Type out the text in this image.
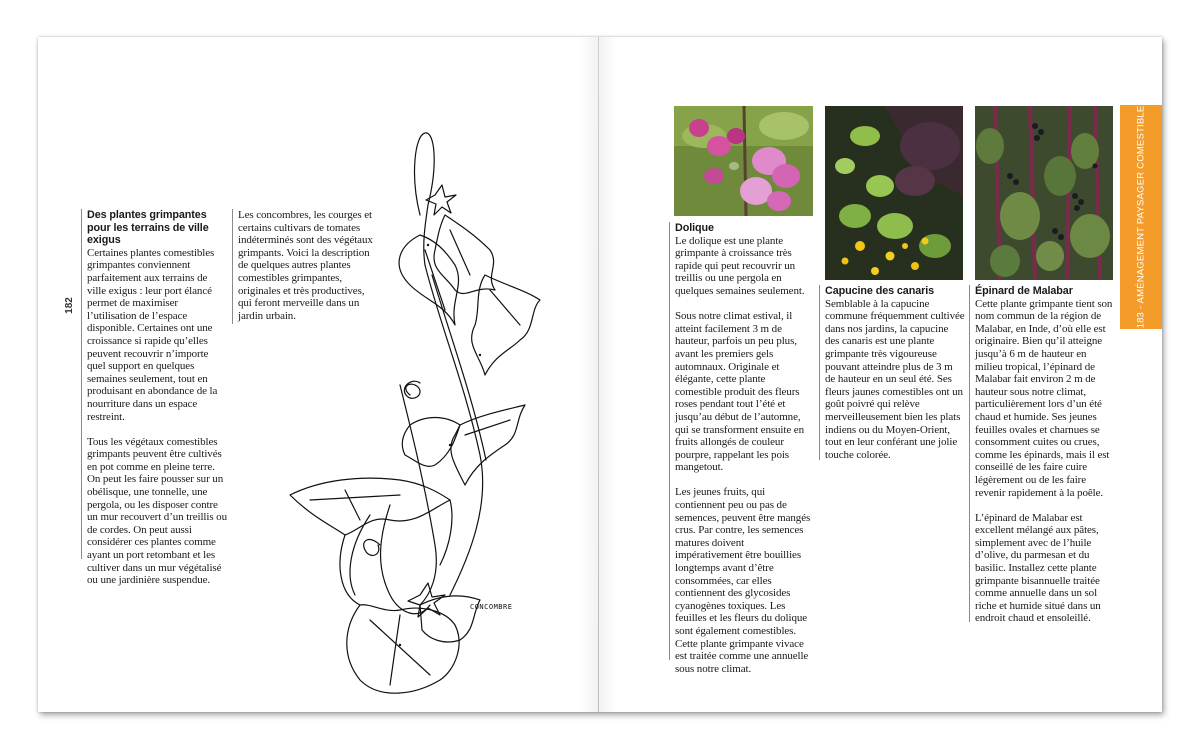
182
Des plantes grimpantes pour les terrains de ville exigus

Certaines plantes comestibles grimpantes conviennent parfaitement aux terrains de ville exigus : leur port élancé permet de maximiser l’utilisation de l’espace disponible. Certaines ont une croissance si rapide qu’elles peuvent recouvrir n’importe quel support en quelques semaines seulement, tout en produisant en abondance de la nourriture dans un espace restreint.

Tous les végétaux comestibles grimpants peuvent être cultivés en pot comme en pleine terre. On peut les faire pousser sur un obélisque, une tonnelle, une pergola, ou les disposer contre un mur recouvert d’un treillis ou de cordes. On peut aussi considérer ces plantes comme ayant un port retombant et les cultiver dans un mur végétalisé ou une jardinière suspendue.

Les concombres, les courges et certains cultivars de tomates indéterminés sont des végétaux grimpants. Voici la description de quelques autres plantes comestibles grimpantes, originales et très productives, qui feront merveille dans un jardin urbain.

CONCOMBRE
Dolique

Le dolique est une plante grimpante à croissance très rapide qui peut recouvrir un treillis ou une pergola en quelques semaines seulement.

Sous notre climat estival, il atteint facilement 3 m de hauteur, parfois un peu plus, avant les premiers gels automnaux. Originale et élégante, cette plante comestible produit des fleurs roses pendant tout l’été et jusqu’au début de l’automne, qui se transforment ensuite en fruits allongés de couleur pourpre, rappelant les pois mangetout.

Les jeunes fruits, qui contiennent peu ou pas de semences, peuvent être mangés crus. Par contre, les semences matures doivent impérativement être bouillies longtemps avant d’être consommées, car elles contiennent des glycosides cyanogènes toxiques. Les feuilles et les fleurs du dolique sont également comestibles. Cette plante grimpante vivace est traitée comme une annuelle sous notre climat.

Capucine des canaris

Semblable à la capucine commune fréquemment cultivée dans nos jardins, la capucine des canaris est une plante grimpante très vigoureuse pouvant atteindre plus de 3 m de hauteur en un seul été. Ses fleurs jaunes comestibles ont un goût poivré qui relève merveilleusement bien les plats indiens ou du Moyen-Orient, tout en leur conférant une jolie touche colorée.

Épinard de Malabar

Cette plante grimpante tient son nom commun de la région de Malabar, en Inde, d’où elle est originaire. Bien qu’il atteigne jusqu’à 6 m de hauteur en milieu tropical, l’épinard de Malabar fait environ 2 m de hauteur sous notre climat, particulièrement lors d’un été chaud et humide. Ses jeunes feuilles ovales et charnues se consomment cuites ou crues, comme les épinards, mais il est conseillé de les faire cuire légèrement ou de les faire revenir rapidement à la poêle.

L’épinard de Malabar est excellent mélangé aux pâtes, simplement avec de l’huile d’olive, du parmesan et du basilic. Installez cette plante grimpante bisannuelle traitée comme annuelle dans un sol riche et humide situé dans un endroit chaud et ensoleillé.

183 - AMÉNAGEMENT PAYSAGER COMESTIBLE
